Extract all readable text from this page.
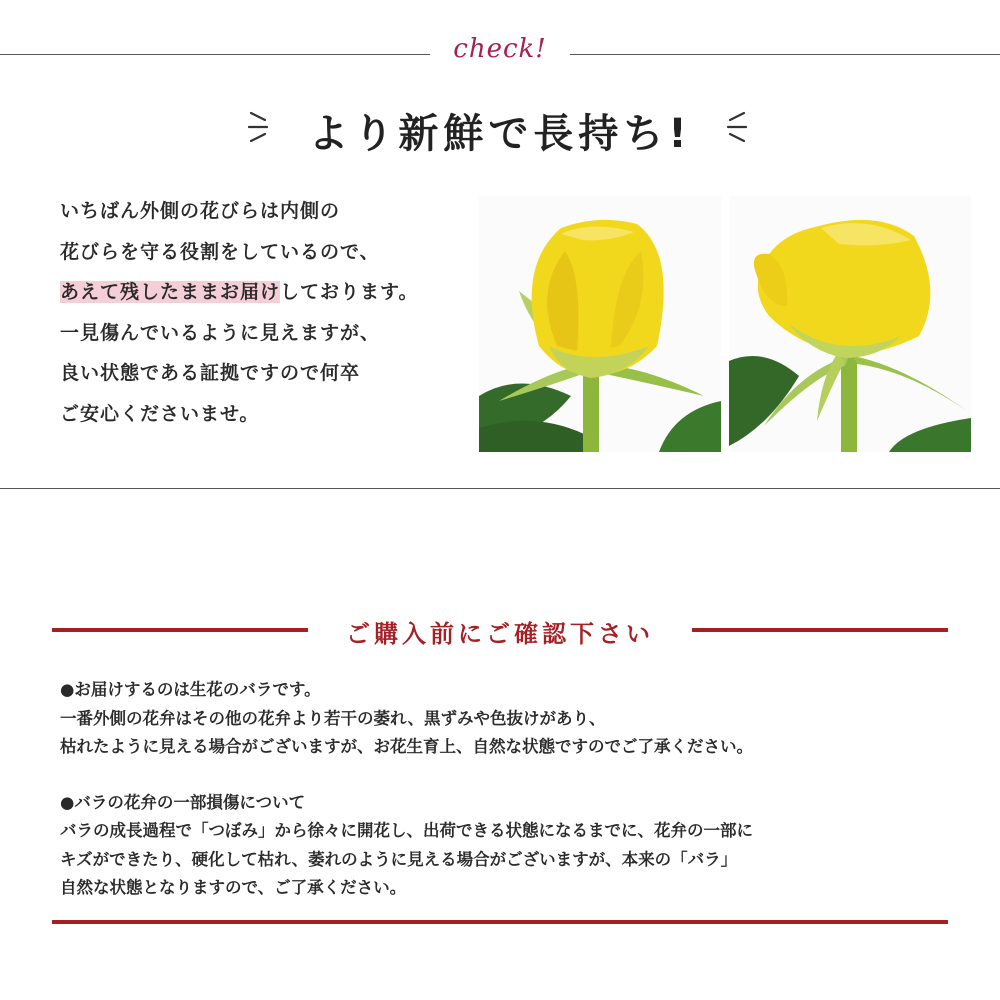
check!
より新鮮で長持ち!

いちばん外側の花びらは内側の

花びらを守る役割をしているので、

あえて残したままお届けしております。

一見傷んでいるように見えますが、

良い状態である証拠ですので何卒

ご安心くださいませ。

ご購入前にご確認下さい

●お届けするのは生花のバラです。

一番外側の花弁はその他の花弁より若干の萎れ、黒ずみや色抜けがあり、

枯れたように見える場合がございますが、お花生育上、自然な状態ですのでご了承ください。

●バラの花弁の一部損傷について

バラの成長過程で「つぼみ」から徐々に開花し、出荷できる状態になるまでに、花弁の一部に

キズができたり、硬化して枯れ、萎れのように見える場合がございますが、本来の「バラ」

自然な状態となりますので、ご了承ください。
